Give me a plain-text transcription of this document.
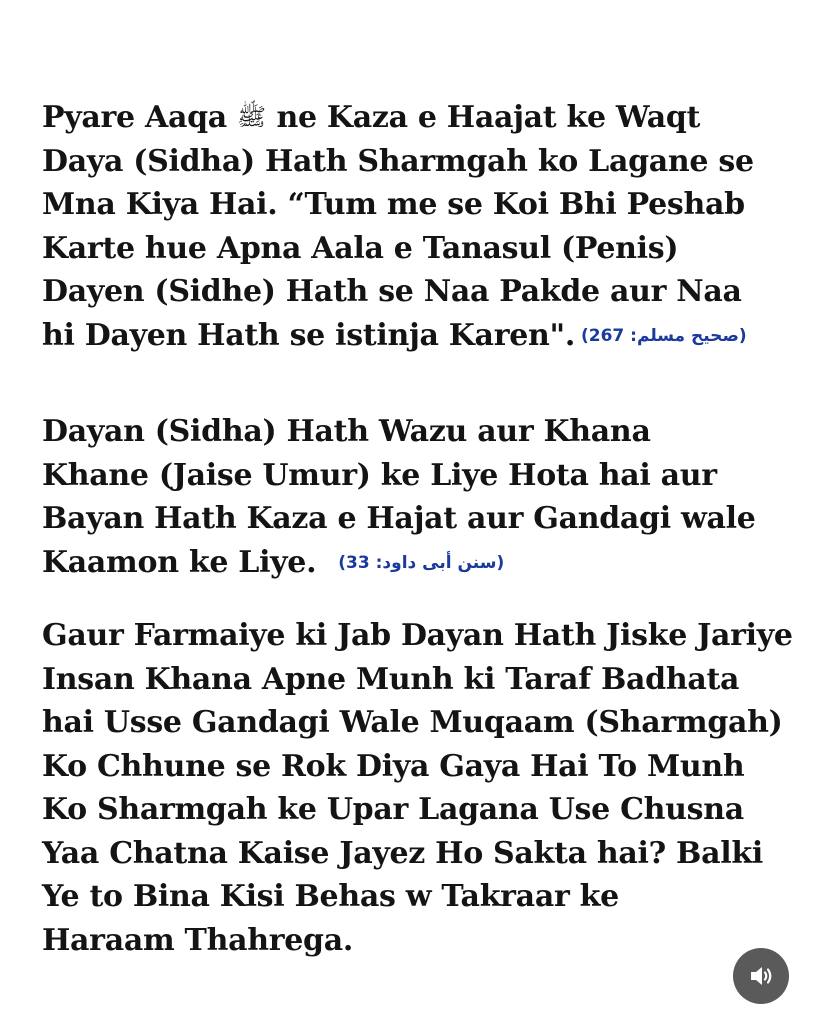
Pyare Aaqa ﷺ ne Kaza e Haajat ke Waqt
Daya (Sidha) Hath Sharmgah ko Lagane se
Mna Kiya Hai. “Tum me se Koi Bhi Peshab
Karte hue Apna Aala e Tanasul (Penis)
Dayen (Sidhe) Hath se Naa Pakde aur Naa
hi Dayen Hath se istinja Karen". (صحيح مسلم: 267)

Dayan (Sidha) Hath Wazu aur Khana
Khane (Jaise Umur) ke Liye Hota hai aur
Bayan Hath Kaza e Hajat aur Gandagi wale
Kaamon ke Liye. (سنن أبى داود: 33)

Gaur Farmaiye ki Jab Dayan Hath Jiske Jariye
Insan Khana Apne Munh ki Taraf Badhata
hai Usse Gandagi Wale Muqaam (Sharmgah)
Ko Chhune se Rok Diya Gaya Hai To Munh
Ko Sharmgah ke Upar Lagana Use Chusna
Yaa Chatna Kaise Jayez Ho Sakta hai? Balki
Ye to Bina Kisi Behas w Takraar ke
Haraam Thahrega.
